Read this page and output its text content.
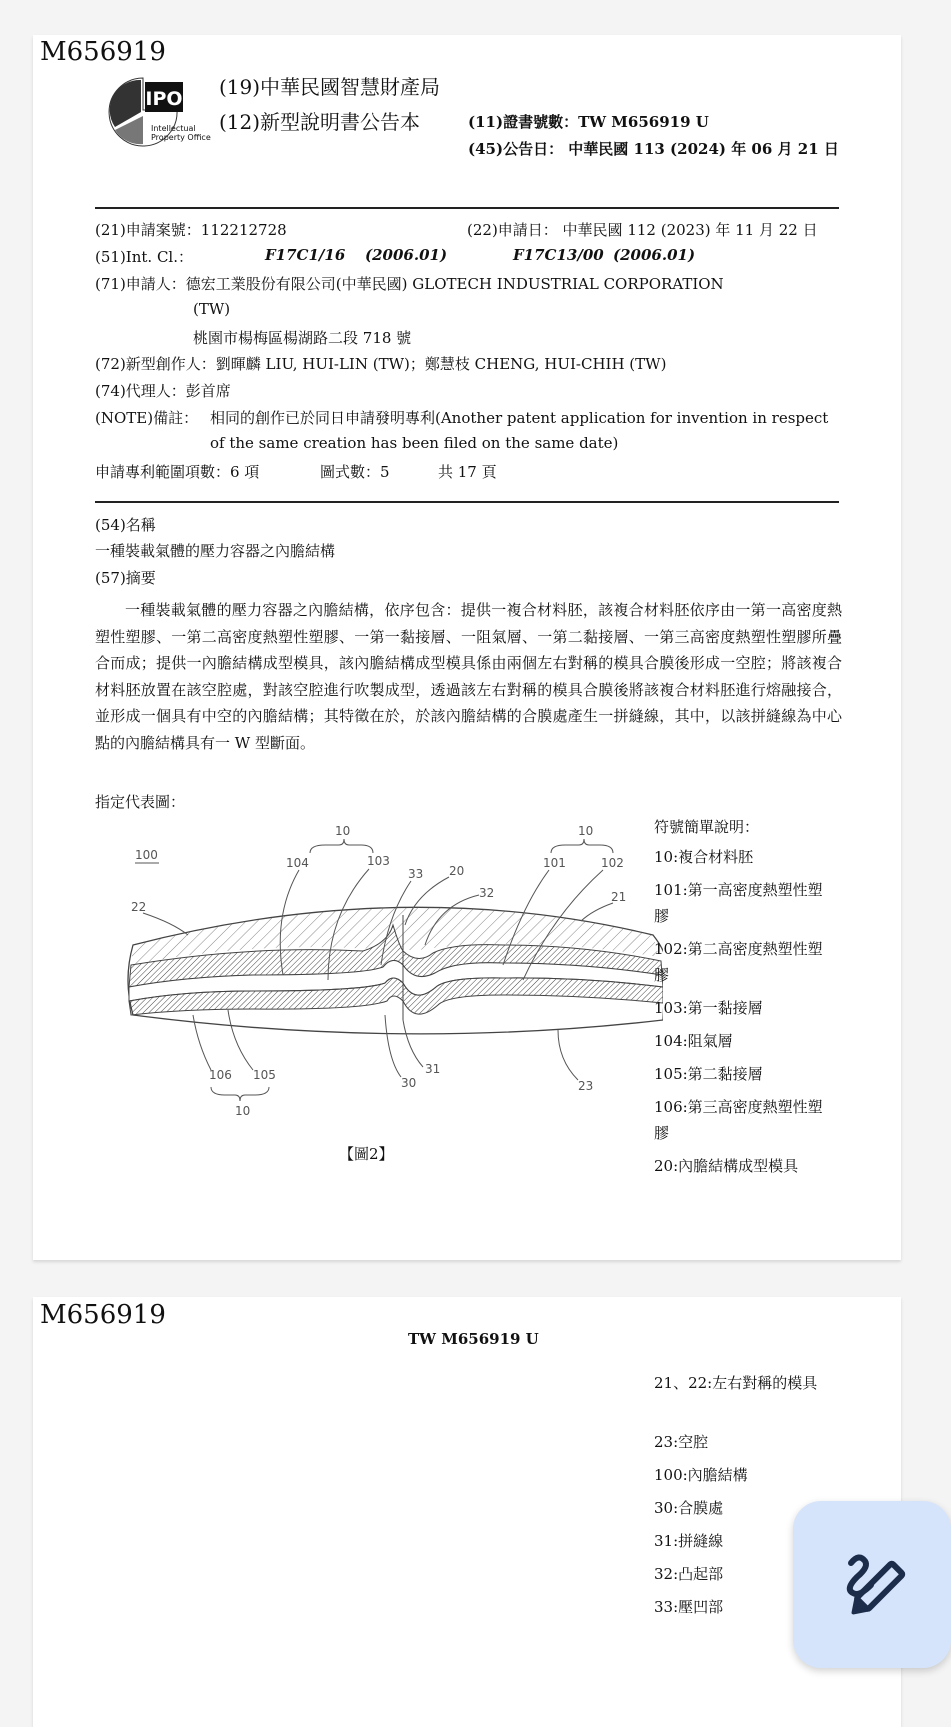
M656919
IPO
Intellectual Property Office
(19)中華民國智慧財產局
(12)新型說明書公告本	(11)證書號數：TW M656919 U
(45)公告日： 中華民國 113 (2024) 年 06 月 21 日
(21)申請案號：112212728	(22)申請日： 中華民國 112 (2023) 年 11 月 22 日
(51)Int. Cl.：	F17C1/16 (2006.01)	F17C13/00 (2006.01)
(71)申請人：德宏工業股份有限公司(中華民國) GLOTECH INDUSTRIAL CORPORATION
(TW)
桃園市楊梅區楊湖路二段 718 號
(72)新型創作人：劉暉麟 LIU, HUI-LIN (TW)；鄭慧枝 CHENG, HUI-CHIH (TW)
(74)代理人：彭首席
(NOTE)備註： 相同的創作已於同日申請發明專利(Another patent application for invention in respect
of the same creation has been filed on the same date)
申請專利範圍項數：6 項	圖式數：5	共 17 頁
(54)名稱
一種裝載氣體的壓力容器之內膽結構
(57)摘要
一種裝載氣體的壓力容器之內膽結構，依序包含：提供一複合材料胚，該複合材料胚依序由一第一高密度熱塑性塑膠、一第二高密度熱塑性塑膠、一第一黏接層、一阻氣層、一第二黏接層、一第三高密度熱塑性塑膠所疊合而成；提供一內膽結構成型模具，該內膽結構成型模具係由兩個左右對稱的模具合膜後形成一空腔；將該複合材料胚放置在該空腔處，對該空腔進行吹製成型，透過該左右對稱的模具合膜後將該複合材料胚進行熔融接合，並形成一個具有中空的內膽結構；其特徵在於，於該內膽結構的合膜處產生一拼縫線，其中，以該拼縫線為中心點的內膽結構具有一 W 型斷面。
指定代表圖：
100
10	10
104	103
33 20
32
101	102
22
21
106 105
10
31
30	23
【圖2】
符號簡單說明：
10:複合材料胚
101:第一高密度熱塑性塑膠
102:第二高密度熱塑性塑膠
103:第一黏接層
104:阻氣層
105:第二黏接層
106:第三高密度熱塑性塑膠
20:內膽結構成型模具
M656919
TW M656919 U
21、22:左右對稱的模具
23:空腔
100:內膽結構
30:合膜處
31:拼縫線
32:凸起部
33:壓凹部
